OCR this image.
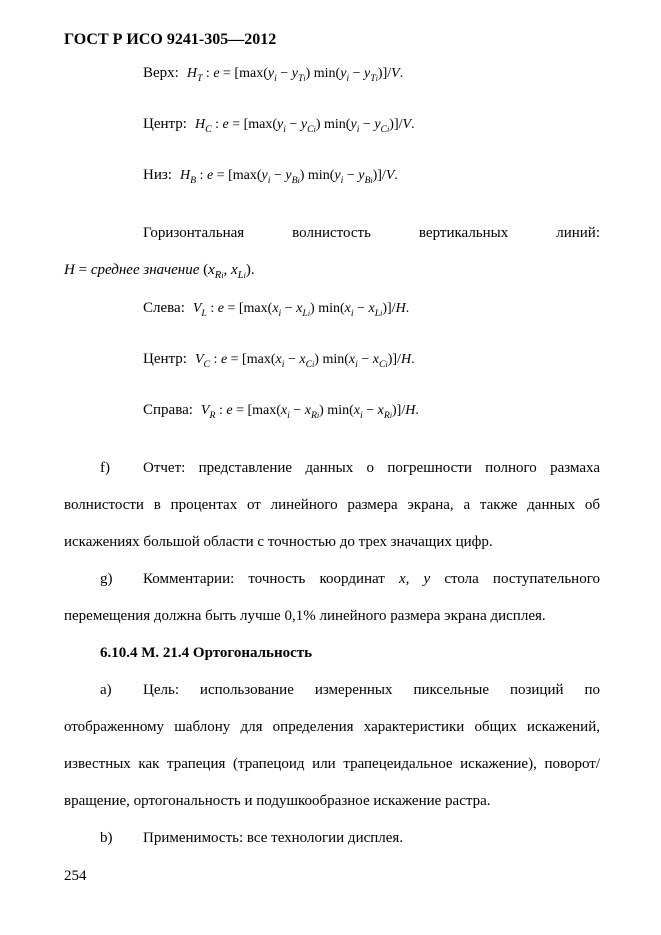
ГОСТ Р ИСО 9241-305—2012
Верх: $H_T$ : $e = [\max(y_i - y_{Ti}) \min(y_i - y_{Ti})]/V$.
Центр: $H_C$ : $e = [\max(y_i - y_{Ci}) \min(y_i - y_{Ci})]/V$.
Низ: $H_B$ : $e = [\max(y_i - y_{Bi}) \min(y_i - y_{Bi})]/V$.
Горизонтальная волнистость вертикальных линий:
H = среднее значение ($x_{Ri}$, $x_{Li}$).
Слева: $V_L$ : $e = [\max(x_i - x_{Li}) \min(x_i - x_{Li})]/H$.
Центр: $V_C$ : $e = [\max(x_i - x_{Ci}) \min(x_i - x_{Ci})]/H$.
Справа: $V_R$ : $e = [\max(x_i - x_{Ri}) \min(x_i - x_{Ri})]/H$.

f) Отчет: представление данных о погрешности полного размаха волнистости в процентах от линейного размера экрана, а также данных об искажениях большой области с точностью до трех значащих цифр.

g) Комментарии: точность координат x, y стола поступательного перемещения должна быть лучше 0,1% линейного размера экрана дисплея.

6.10.4 М. 21.4 Ортогональность

a) Цель: использование измеренных пиксельные позиций по отображенному шаблону для определения характеристики общих искажений, известных как трапеция (трапецоид или трапецеидальное искажение), поворот/вращение, ортогональность и подушкообразное искажение растра.

b) Применимость: все технологии дисплея.

254
